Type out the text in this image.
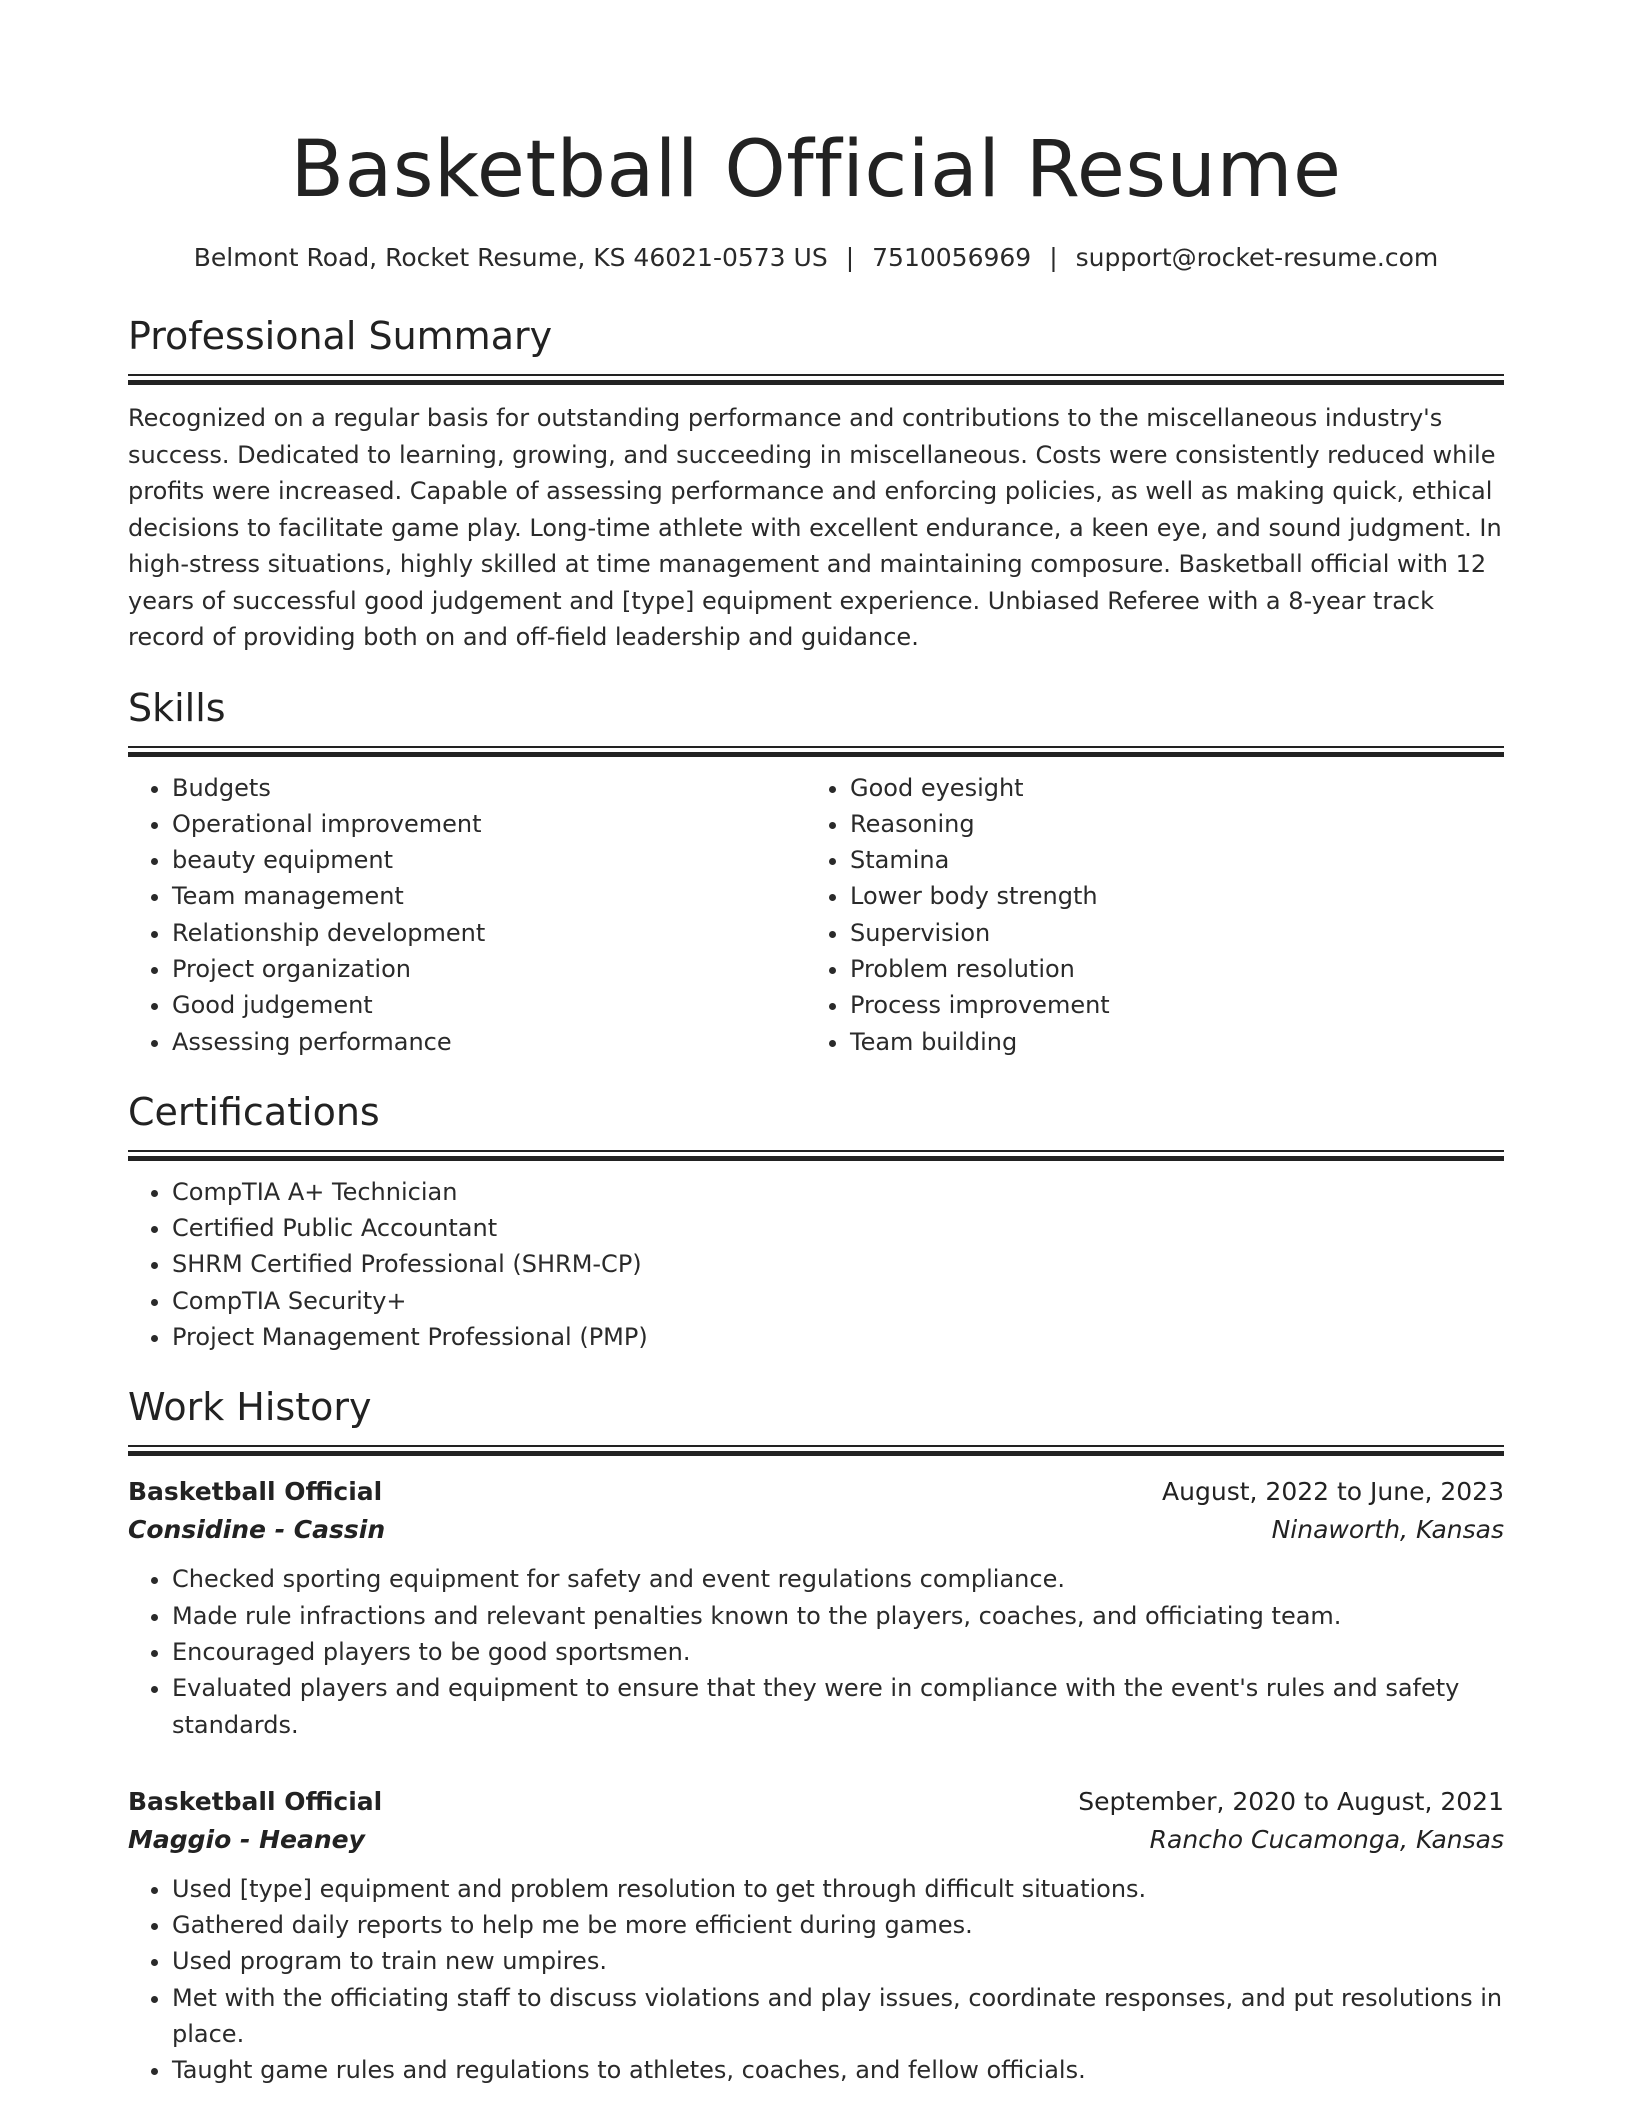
Basketball Official Resume
Belmont Road, Rocket Resume, KS 46021-0573 US | 7510056969 | support@rocket-resume.com
Professional Summary
Recognized on a regular basis for outstanding performance and contributions to the miscellaneous industry's success. Dedicated to learning, growing, and succeeding in miscellaneous. Costs were consistently reduced while profits were increased. Capable of assessing performance and enforcing policies, as well as making quick, ethical decisions to facilitate game play. Long-time athlete with excellent endurance, a keen eye, and sound judgment. In high-stress situations, highly skilled at time management and maintaining composure. Basketball official with 12 years of successful good judgement and [type] equipment experience. Unbiased Referee with a 8-year track record of providing both on and off-field leadership and guidance.
Skills
• Budgets
• Operational improvement
• beauty equipment
• Team management
• Relationship development
• Project organization
• Good judgement
• Assessing performance
• Good eyesight
• Reasoning
• Stamina
• Lower body strength
• Supervision
• Problem resolution
• Process improvement
• Team building
Certifications
• CompTIA A+ Technician
• Certified Public Accountant
• SHRM Certified Professional (SHRM-CP)
• CompTIA Security+
• Project Management Professional (PMP)
Work History
Basketball Official	August, 2022 to June, 2023
Considine - Cassin	Ninaworth, Kansas
• Checked sporting equipment for safety and event regulations compliance.
• Made rule infractions and relevant penalties known to the players, coaches, and officiating team.
• Encouraged players to be good sportsmen.
• Evaluated players and equipment to ensure that they were in compliance with the event's rules and safety standards.
Basketball Official	September, 2020 to August, 2021
Maggio - Heaney	Rancho Cucamonga, Kansas
• Used [type] equipment and problem resolution to get through difficult situations.
• Gathered daily reports to help me be more efficient during games.
• Used program to train new umpires.
• Met with the officiating staff to discuss violations and play issues, coordinate responses, and put resolutions in place.
• Taught game rules and regulations to athletes, coaches, and fellow officials.
